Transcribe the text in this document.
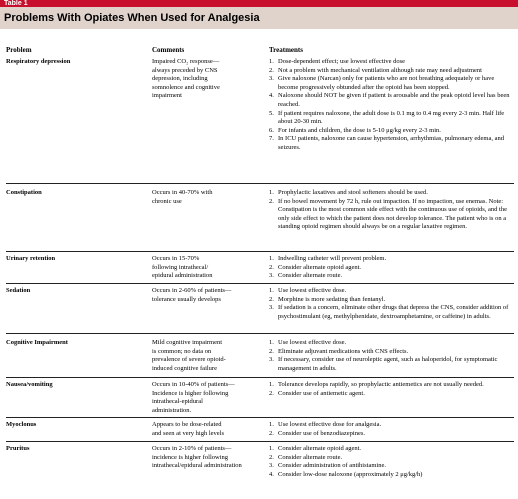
Table 1
Problems With Opiates When Used for Analgesia
Problem	Comments	Treatments
Respiratory depression	Impaired CO₂ response—
always preceded by CNS
depression, including
somnolence and cognitive
impairment
1. Dose-dependent effect; use lowest effective dose
2. Not a problem with mechanical ventilation although rate may need adjustment
3. Give naloxone (Narcan) only for patients who are not breathing adequately or have become progressively obtunded after the opioid has been stopped.
4. Naloxone should NOT be given if patient is arousable and the peak opioid level has been reached.
5. If patient requires naloxone, the adult dose is 0.1 mg to 0.4 mg every 2-3 min. Half life about 20-30 min.
6. For infants and children, the dose is 5-10 μg/kg every 2-3 min.
7. In ICU patients, naloxone can cause hypertension, arrhythmias, pulmonary edema, and seizures.
Constipation	Occurs in 40-70% with
chronic use
1. Prophylactic laxatives and stool softeners should be used.
2. If no bowel movement by 72 h, rule out impaction. If no impaction, use enemas. Note: Constipation is the most common side effect with the continuous use of opioids, and the only side effect to which the patient does not develop tolerance. The patient who is on a standing opioid regimen should always be on a regular laxative regimen.
Urinary retention	Occurs in 15-70%
following intrathecal/
epidural administration
1. Indwelling catheter will prevent problem.
2. Consider alternate opioid agent.
3. Consider alternate route.
Sedation	Occurs in 2-60% of patients—
tolerance usually develops
1. Use lowest effective dose.
2. Morphine is more sedating than fentanyl.
3. If sedation is a concern, eliminate other drugs that depress the CNS, consider addition of psychostimulant (eg, methylphenidate, dextroamphetamine, or caffeine) in adults.
Cognitive Impairment	Mild cognitive impairment
is common; no data on
prevalence of severe opioid-
induced cognitive failure
1. Use lowest effective dose.
2. Eliminate adjuvant medications with CNS effects.
3. If necessary, consider use of neuroleptic agent, such as haloperidol, for symptomatic management in adults.
Nausea/vomiting	Occurs in 10-40% of patients—
Incidence is higher following
intrathecal-epidural
administration.
1. Tolerance develops rapidly, so prophylactic antiemetics are not usually needed.
2. Consider use of antiemetic agent.
Myoclonus	Appears to be dose-related
and seen at very high levels
1. Use lowest effective dose for analgesia.
2. Consider use of benzodiazepines.
Pruritus	Occurs in 2-10% of patients—
incidence is higher following
intrathecal/epidural administration
1. Consider alternate opioid agent.
2. Consider alternate route.
3. Consider administration of antihistamine.
4. Consider low-dose naloxone (approximately 2 μg/kg/h)
